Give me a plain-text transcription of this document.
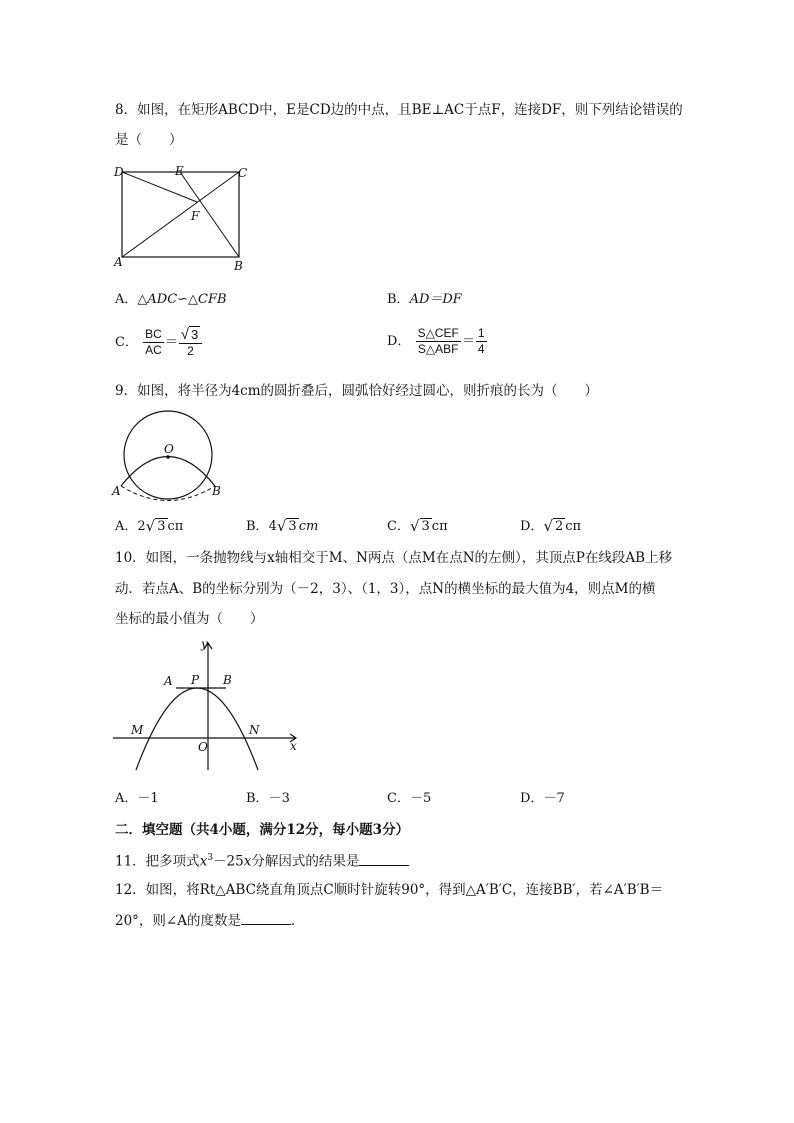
8．如图，在矩形ABCD中，E是CD边的中点，且BE⊥AC于点F，连接DF，则下列结论错误的
是（　　）
D	E	C
F
A	B
A．△ADC∽△CFB	B．AD＝DF
C． $\frac{BC}{AC} = \frac{√ 3}{2}$	D． $\frac{\text{S△CEF}}{\text{S△ABF}} = \frac{1}{4}$
9．如图，将半径为4cm的圆折叠后，圆弧恰好经过圆心，则折痕的长为（　　）
O
A	B
A．2 √ 3 cπ	B．4 √ 3 cm	C． √ 3 cπ	D． √ 2 cπ
10．如图，一条抛物线与x轴相交于M、N两点（点M在点N的左侧），其顶点P在线段AB上移
动．若点A、B的坐标分别为（－2，3）、（1，3），点N的横坐标的最大值为4，则点M的横
坐标的最小值为（　　）
y
A P B
M
O
N
x
A．－1	B．－3	C．－5	D．－7
二．填空题（共4小题，满分12分，每小题3分）
11．把多项式$x^3-25x$分解因式的结果是
12．如图，将Rt△ABC绕直角顶点C顺时针旋转90°，得到△A′B′C，连接BB′，若∠A′B′B＝
20°，则∠A的度数是	．
